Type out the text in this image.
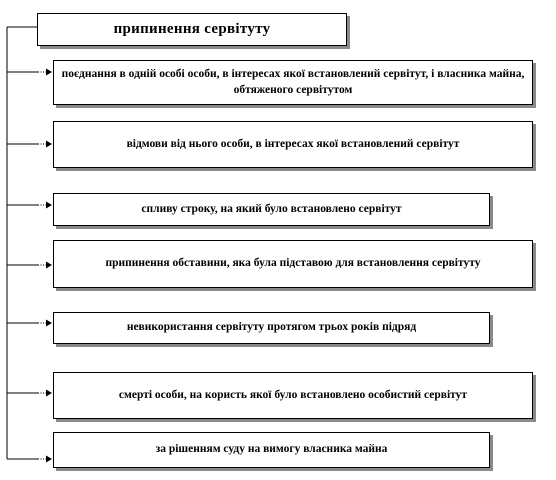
припинення сервітуту
поєднання в одній особі особи, в інтересах якої встановлений сервітут, і власника майна, обтяженого сервітутом
відмови від нього особи, в інтересах якої встановлений сервітут
спливу строку, на який було встановлено сервітут
припинення обставини, яка була підставою для встановлення сервітуту
невикористання сервітуту протягом трьох років підряд
смерті особи, на користь якої було встановлено особистий сервітут
за рішенням суду на вимогу власника майна
